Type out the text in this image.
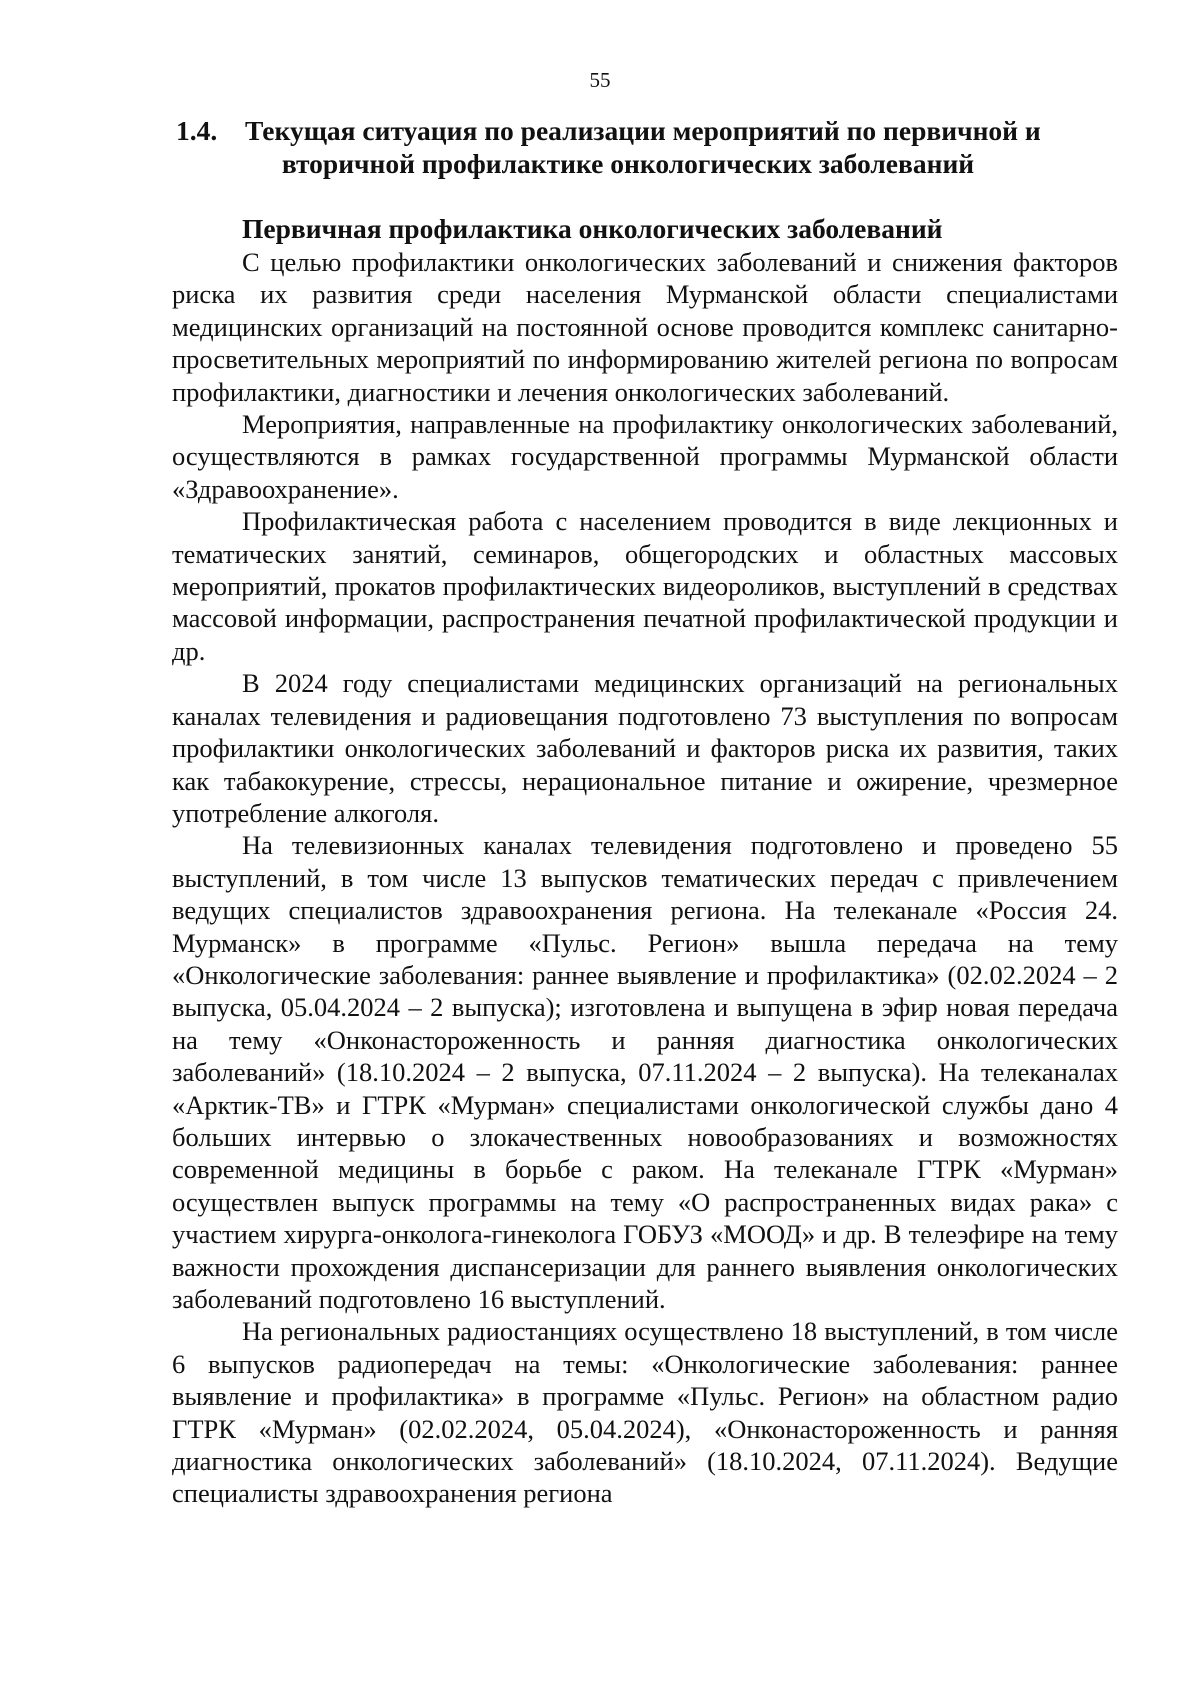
55
1.4.	Текущая ситуация по реализации мероприятий по первичной и
вторичной профилактике онкологических заболеваний
Первичная профилактика онкологических заболеваний

С целью профилактики онкологических заболеваний и снижения факторов риска их развития среди населения Мурманской области специалистами медицинских организаций на постоянной основе проводится комплекс санитарно-просветительных мероприятий по информированию жителей региона по вопросам профилактики, диагностики и лечения онкологических заболеваний.

Мероприятия, направленные на профилактику онкологических заболеваний, осуществляются в рамках государственной программы Мурманской области «Здравоохранение».

Профилактическая работа с населением проводится в виде лекционных и тематических занятий, семинаров, общегородских и областных массовых мероприятий, прокатов профилактических видеороликов, выступлений в средствах массовой информации, распространения печатной профилактической продукции и др.

В 2024 году специалистами медицинских организаций на региональных каналах телевидения и радиовещания подготовлено 73 выступления по вопросам профилактики онкологических заболеваний и факторов риска их развития, таких как табакокурение, стрессы, нерациональное питание и ожирение, чрезмерное употребление алкоголя.

На телевизионных каналах телевидения подготовлено и проведено 55 выступлений, в том числе 13 выпусков тематических передач с привлечением ведущих специалистов здравоохранения региона. На телеканале «Россия 24. Мурманск» в программе «Пульс. Регион» вышла передача на тему «Онкологические заболевания: раннее выявление и профилактика» (02.02.2024 – 2 выпуска, 05.04.2024 – 2 выпуска); изготовлена и выпущена в эфир новая передача на тему «Онконастороженность и ранняя диагностика онкологических заболеваний» (18.10.2024 – 2 выпуска, 07.11.2024 – 2 выпуска). На телеканалах «Арктик-ТВ» и ГТРК «Мурман» специалистами онкологической службы дано 4 больших интервью о злокачественных новообразованиях и возможностях современной медицины в борьбе с раком. На телеканале ГТРК «Мурман» осуществлен выпуск программы на тему «О распространенных видах рака» с участием хирурга-онколога-гинеколога ГОБУЗ «МООД» и др. В телеэфире на тему важности прохождения диспансеризации для раннего выявления онкологических заболеваний подготовлено 16 выступлений.

На региональных радиостанциях осуществлено 18 выступлений, в том числе 6 выпусков радиопередач на темы: «Онкологические заболевания: раннее выявление и профилактика» в программе «Пульс. Регион» на областном радио ГТРК «Мурман» (02.02.2024, 05.04.2024), «Онконастороженность и ранняя диагностика онкологических заболеваний» (18.10.2024, 07.11.2024). Ведущие специалисты здравоохранения региона
